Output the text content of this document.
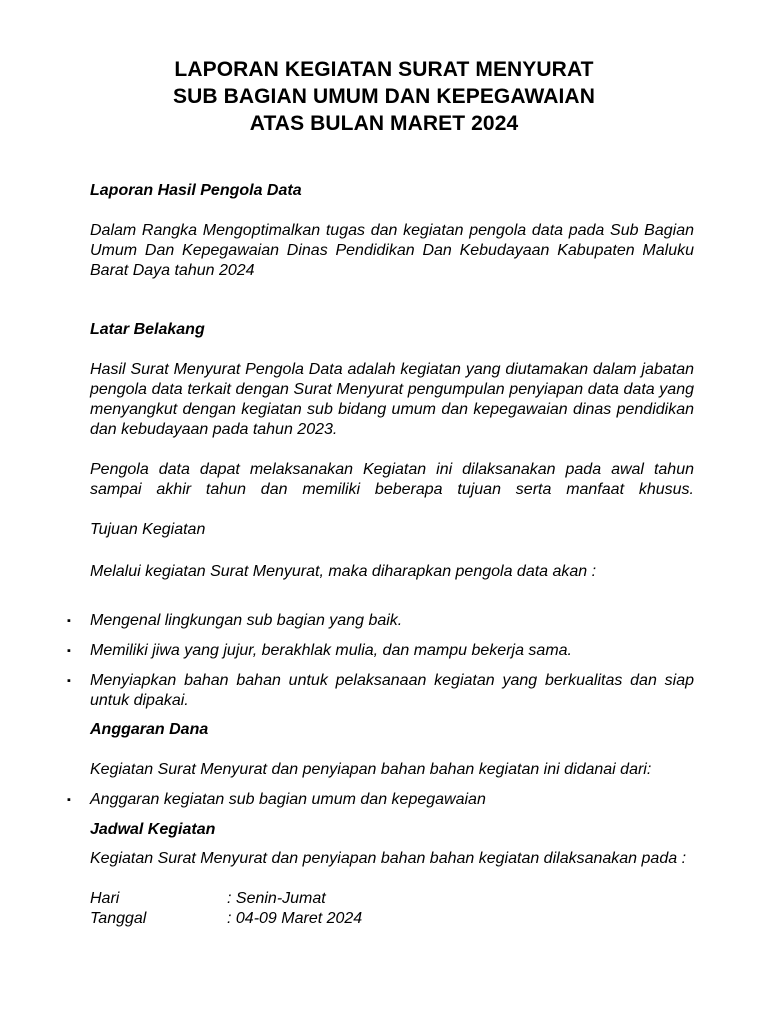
LAPORAN KEGIATAN SURAT MENYURAT
SUB BAGIAN UMUM DAN KEPEGAWAIAN
ATAS BULAN MARET 2024
Laporan Hasil Pengola Data
Dalam Rangka Mengoptimalkan tugas dan kegiatan pengola data pada Sub Bagian Umum Dan Kepegawaian Dinas Pendidikan Dan Kebudayaan Kabupaten Maluku Barat Daya tahun 2024
Latar Belakang
Hasil Surat Menyurat Pengola Data adalah kegiatan yang diutamakan dalam jabatan pengola data terkait dengan Surat Menyurat pengumpulan penyiapan data data yang menyangkut dengan kegiatan sub bidang umum dan kepegawaian dinas pendidikan dan kebudayaan pada tahun 2023.
Pengola data dapat melaksanakan Kegiatan ini dilaksanakan pada awal tahun sampai akhir tahun dan memiliki beberapa tujuan serta manfaat khusus.
Tujuan Kegiatan
Melalui kegiatan Surat Menyurat, maka diharapkan pengola data akan :
▪ Mengenal lingkungan sub bagian yang baik.
▪ Memiliki jiwa yang jujur, berakhlak mulia, dan mampu bekerja sama.
▪ Menyiapkan bahan bahan untuk pelaksanaan kegiatan yang berkualitas dan siap untuk dipakai.
Anggaran Dana
Kegiatan Surat Menyurat dan penyiapan bahan bahan kegiatan ini didanai dari:
▪ Anggaran kegiatan sub bagian umum dan kepegawaian
Jadwal Kegiatan
Kegiatan Surat Menyurat dan penyiapan bahan bahan kegiatan dilaksanakan pada :
Hari	: Senin-Jumat
Tanggal	: 04-09 Maret 2024
